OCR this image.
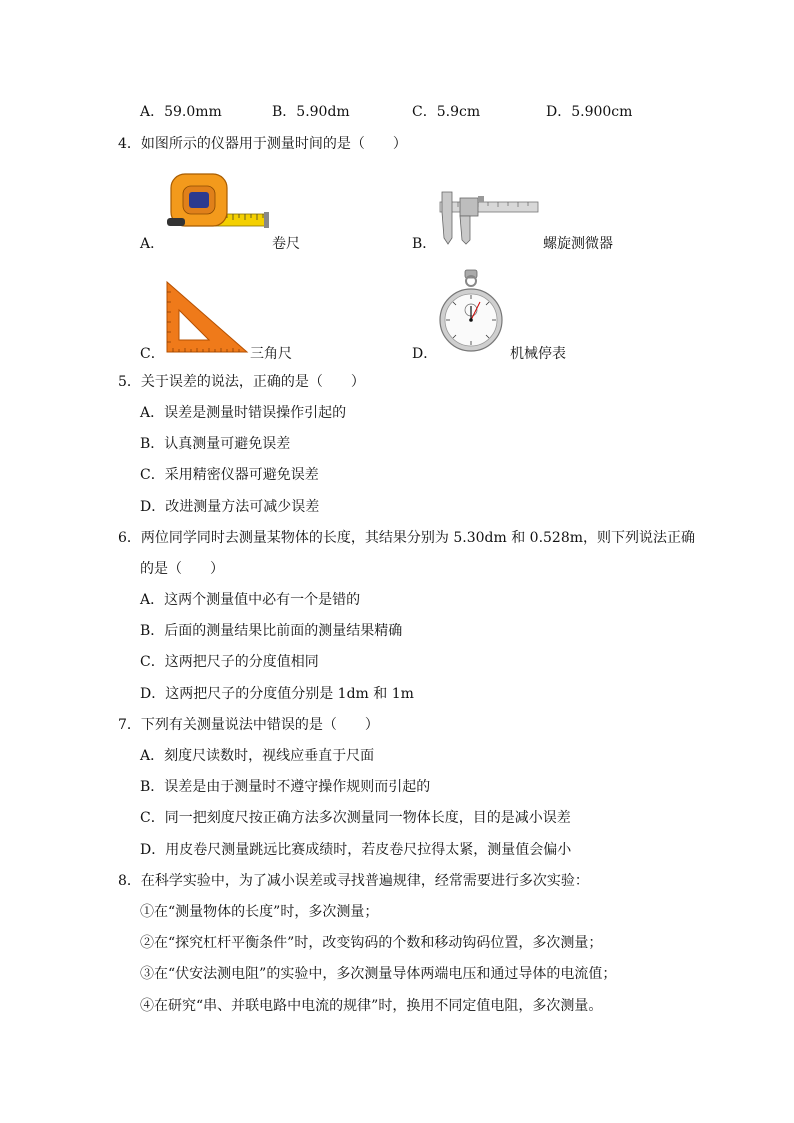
A．59.0mm	B．5.90dm	C．5.9cm	D．5.900cm
4．如图所示的仪器用于测量时间的是（　　）
A．	卷尺	B．	螺旋测微器
C．	三角尺	D．	机械停表
5．关于误差的说法，正确的是（　　）
A．误差是测量时错误操作引起的
B．认真测量可避免误差
C．采用精密仪器可避免误差
D．改进测量方法可减少误差
6．两位同学同时去测量某物体的长度，其结果分别为 5.30dm 和 0.528m，则下列说法正确
的是（　　）
A．这两个测量值中必有一个是错的
B．后面的测量结果比前面的测量结果精确
C．这两把尺子的分度值相同
D．这两把尺子的分度值分别是 1dm 和 1m
7．下列有关测量说法中错误的是（　　）
A．刻度尺读数时，视线应垂直于尺面
B．误差是由于测量时不遵守操作规则而引起的
C．同一把刻度尺按正确方法多次测量同一物体长度，目的是减小误差
D．用皮卷尺测量跳远比赛成绩时，若皮卷尺拉得太紧，测量值会偏小
8．在科学实验中，为了减小误差或寻找普遍规律，经常需要进行多次实验：
①在“测量物体的长度”时，多次测量；
②在“探究杠杆平衡条件”时，改变钩码的个数和移动钩码位置，多次测量；
③在“伏安法测电阻”的实验中，多次测量导体两端电压和通过导体的电流值；
④在研究“串、并联电路中电流的规律”时，换用不同定值电阻，多次测量。
